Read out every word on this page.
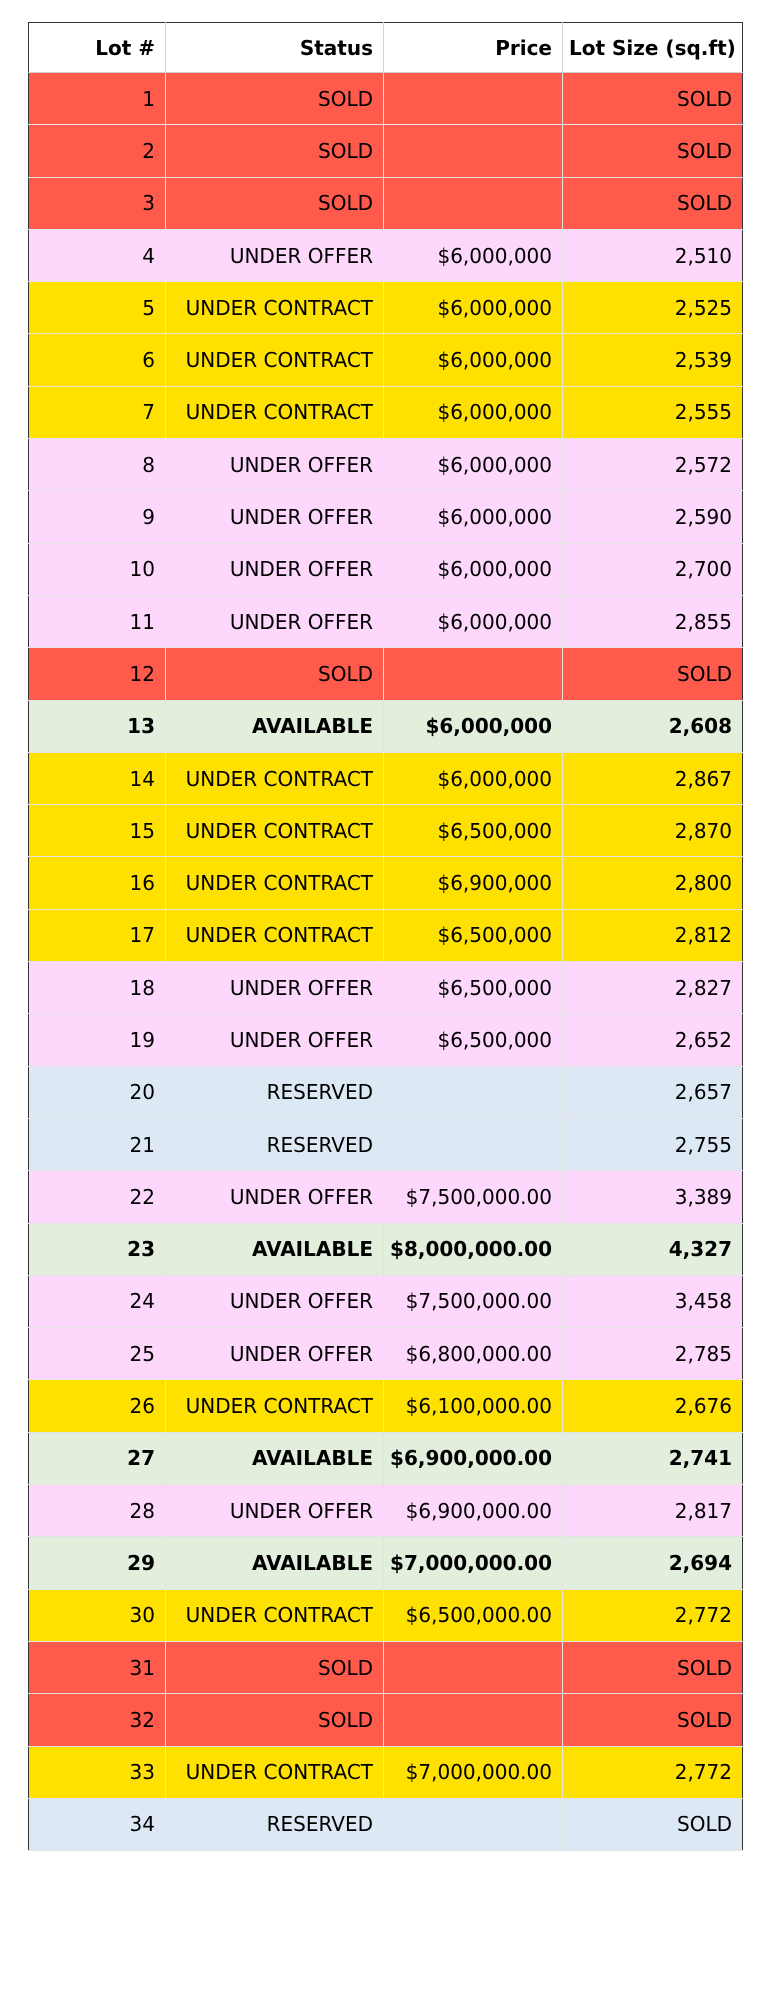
Lot #	Status	Price	Lot Size (sq.ft)
1	SOLD		SOLD
2	SOLD		SOLD
3	SOLD		SOLD
4	UNDER OFFER	$6,000,000	2,510
5	UNDER CONTRACT	$6,000,000	2,525
6	UNDER CONTRACT	$6,000,000	2,539
7	UNDER CONTRACT	$6,000,000	2,555
8	UNDER OFFER	$6,000,000	2,572
9	UNDER OFFER	$6,000,000	2,590
10	UNDER OFFER	$6,000,000	2,700
11	UNDER OFFER	$6,000,000	2,855
12	SOLD		SOLD
13	AVAILABLE	$6,000,000	2,608
14	UNDER CONTRACT	$6,000,000	2,867
15	UNDER CONTRACT	$6,500,000	2,870
16	UNDER CONTRACT	$6,900,000	2,800
17	UNDER CONTRACT	$6,500,000	2,812
18	UNDER OFFER	$6,500,000	2,827
19	UNDER OFFER	$6,500,000	2,652
20	RESERVED		2,657
21	RESERVED		2,755
22	UNDER OFFER	$7,500,000.00	3,389
23	AVAILABLE	$8,000,000.00	4,327
24	UNDER OFFER	$7,500,000.00	3,458
25	UNDER OFFER	$6,800,000.00	2,785
26	UNDER CONTRACT	$6,100,000.00	2,676
27	AVAILABLE	$6,900,000.00	2,741
28	UNDER OFFER	$6,900,000.00	2,817
29	AVAILABLE	$7,000,000.00	2,694
30	UNDER CONTRACT	$6,500,000.00	2,772
31	SOLD		SOLD
32	SOLD		SOLD
33	UNDER CONTRACT	$7,000,000.00	2,772
34	RESERVED		SOLD
